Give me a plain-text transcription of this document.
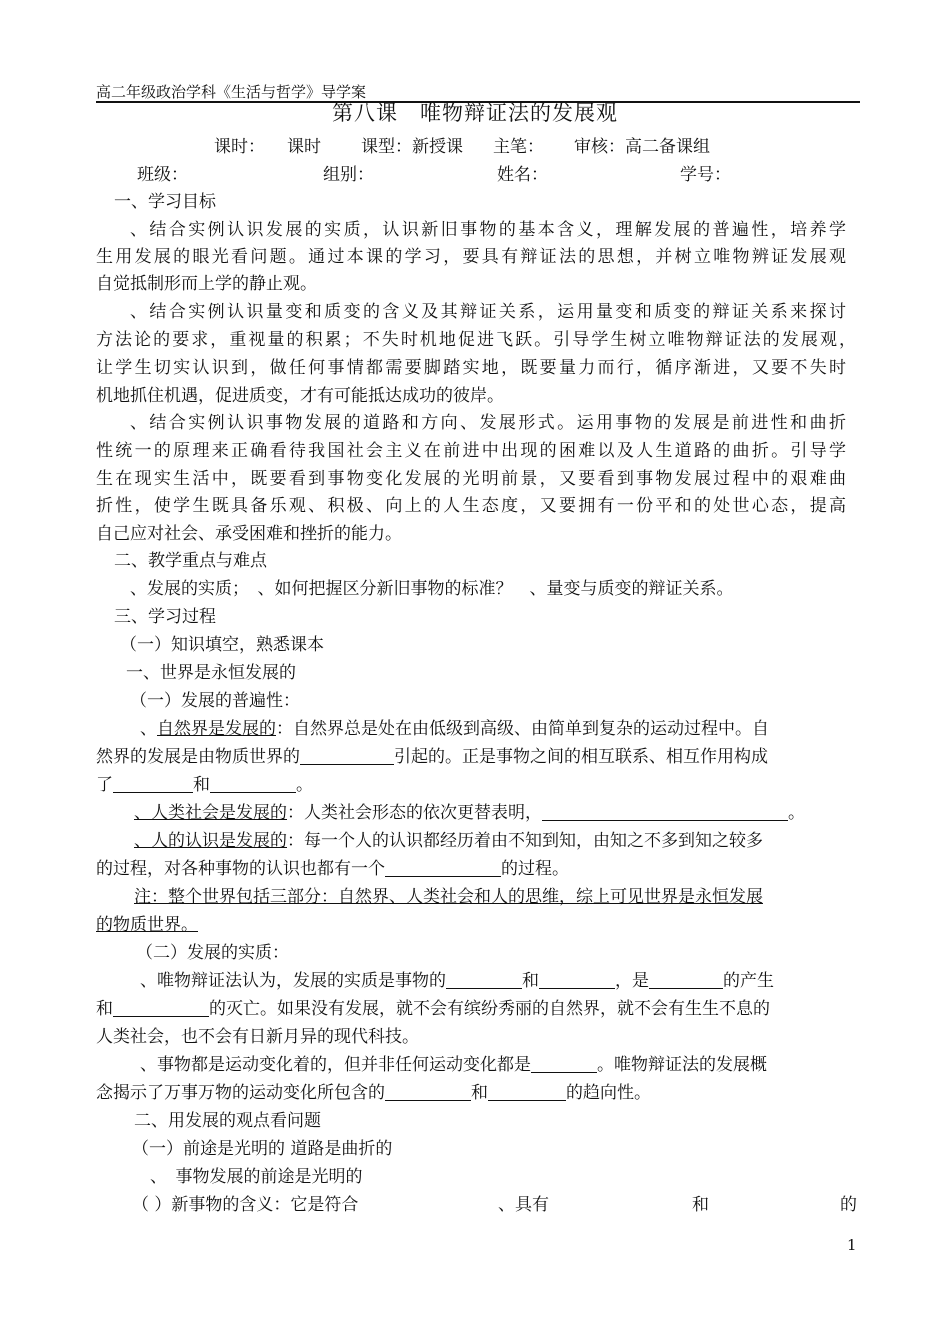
高二年级政治学科《生活与哲学》导学案
第八课　唯物辩证法的发展观
课时： 课时 课型：新授课 主笔： 审核：高二备课组
班级：	组别：	姓名：	学号：
一、学习目标
、结合实例认识发展的实质，认识新旧事物的基本含义，理解发展的普遍性，培养学
生用发展的眼光看问题。通过本课的学习，要具有辩证法的思想，并树立唯物辨证发展观
自觉抵制形而上学的静止观。
、结合实例认识量变和质变的含义及其辩证关系，运用量变和质变的辩证关系来探讨
方法论的要求，重视量的积累；不失时机地促进飞跃。引导学生树立唯物辩证法的发展观，
让学生切实认识到，做任何事情都需要脚踏实地，既要量力而行，循序渐进，又要不失时
机地抓住机遇，促进质变，才有可能抵达成功的彼岸。
、结合实例认识事物发展的道路和方向、发展形式。运用事物的发展是前进性和曲折
性统一的原理来正确看待我国社会主义在前进中出现的困难以及人生道路的曲折。引导学
生在现实生活中，既要看到事物变化发展的光明前景，又要看到事物发展过程中的艰难曲
折性，使学生既具备乐观、积极、向上的人生态度，又要拥有一份平和的处世心态，提高
自己应对社会、承受困难和挫折的能力。
二、教学重点与难点
、发展的实质；　、如何把握区分新旧事物的标准？　、量变与质变的辩证关系。
三、学习过程
（一）知识填空，熟悉课本
一、世界是永恒发展的
（一）发展的普遍性：
、自然界是发展的：自然界总是处在由低级到高级、由简单到复杂的运动过程中。自
然界的发展是由物质世界的	引起的。正是事物之间的相互联系、相互作用构成
了	和	。
、人类社会是发展的：人类社会形态的依次更替表明，	。
、人的认识是发展的：每一个人的认识都经历着由不知到知，由知之不多到知之较多
的过程，对各种事物的认识也都有一个	的过程。
注：整个世界包括三部分：自然界、人类社会和人的思维，综上可见世界是永恒发展
的物质世界。
（二）发展的实质：
、唯物辩证法认为，发展的实质是事物的	和	，是	的产生
和	的灭亡。如果没有发展，就不会有缤纷秀丽的自然界，就不会有生生不息的
人类社会，也不会有日新月异的现代科技。
、事物都是运动变化着的，但并非任何运动变化都是	。唯物辩证法的发展概
念揭示了万事万物的运动变化所包含的	和	的趋向性。
二、用发展的观点看问题
（一）前途是光明的 道路是曲折的
、　事物发展的前途是光明的
（ ）新事物的含义：它是符合	、具有	和	的
1
